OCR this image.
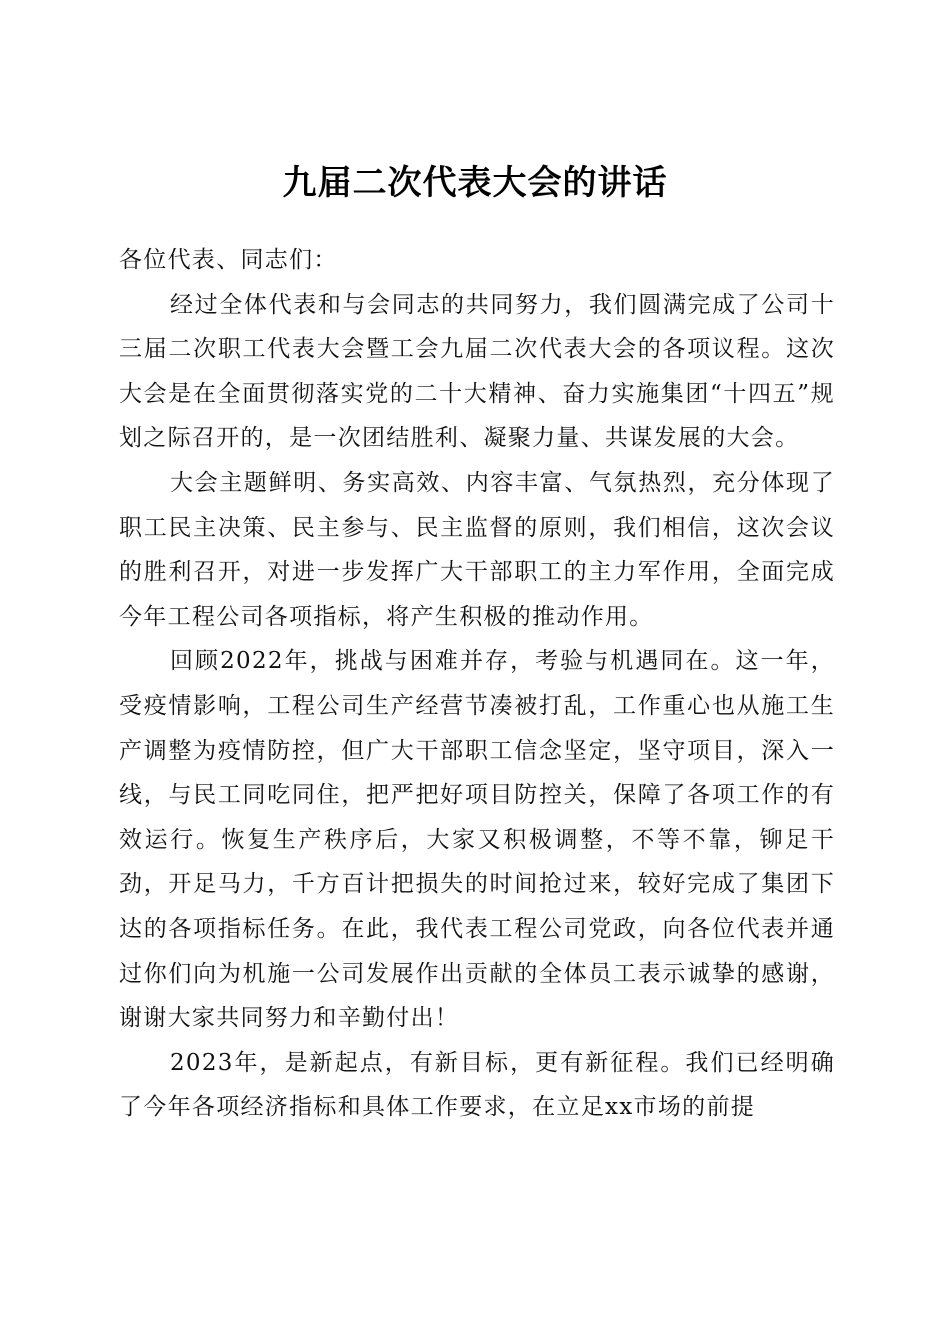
九届二次代表大会的讲话

各位代表、同志们：

经过全体代表和与会同志的共同努力，我们圆满完成了公司十三届二次职工代表大会暨工会九届二次代表大会的各项议程。这次大会是在全面贯彻落实党的二十大精神、奋力实施集团“十四五”规划之际召开的，是一次团结胜利、凝聚力量、共谋发展的大会。

大会主题鲜明、务实高效、内容丰富、气氛热烈，充分体现了职工民主决策、民主参与、民主监督的原则，我们相信，这次会议的胜利召开，对进一步发挥广大干部职工的主力军作用，全面完成今年工程公司各项指标，将产生积极的推动作用。

回顾2022年，挑战与困难并存，考验与机遇同在。这一年，受疫情影响，工程公司生产经营节凑被打乱，工作重心也从施工生产调整为疫情防控，但广大干部职工信念坚定，坚守项目，深入一线，与民工同吃同住，把严把好项目防控关，保障了各项工作的有效运行。恢复生产秩序后，大家又积极调整，不等不靠，铆足干劲，开足马力，千方百计把损失的时间抢过来，较好完成了集团下达的各项指标任务。在此，我代表工程公司党政，向各位代表并通过你们向为机施一公司发展作出贡献的全体员工表示诚挚的感谢，谢谢大家共同努力和辛勤付出！

2023年，是新起点，有新目标，更有新征程。我们已经明确了今年各项经济指标和具体工作要求，在立足xx市场的前提
